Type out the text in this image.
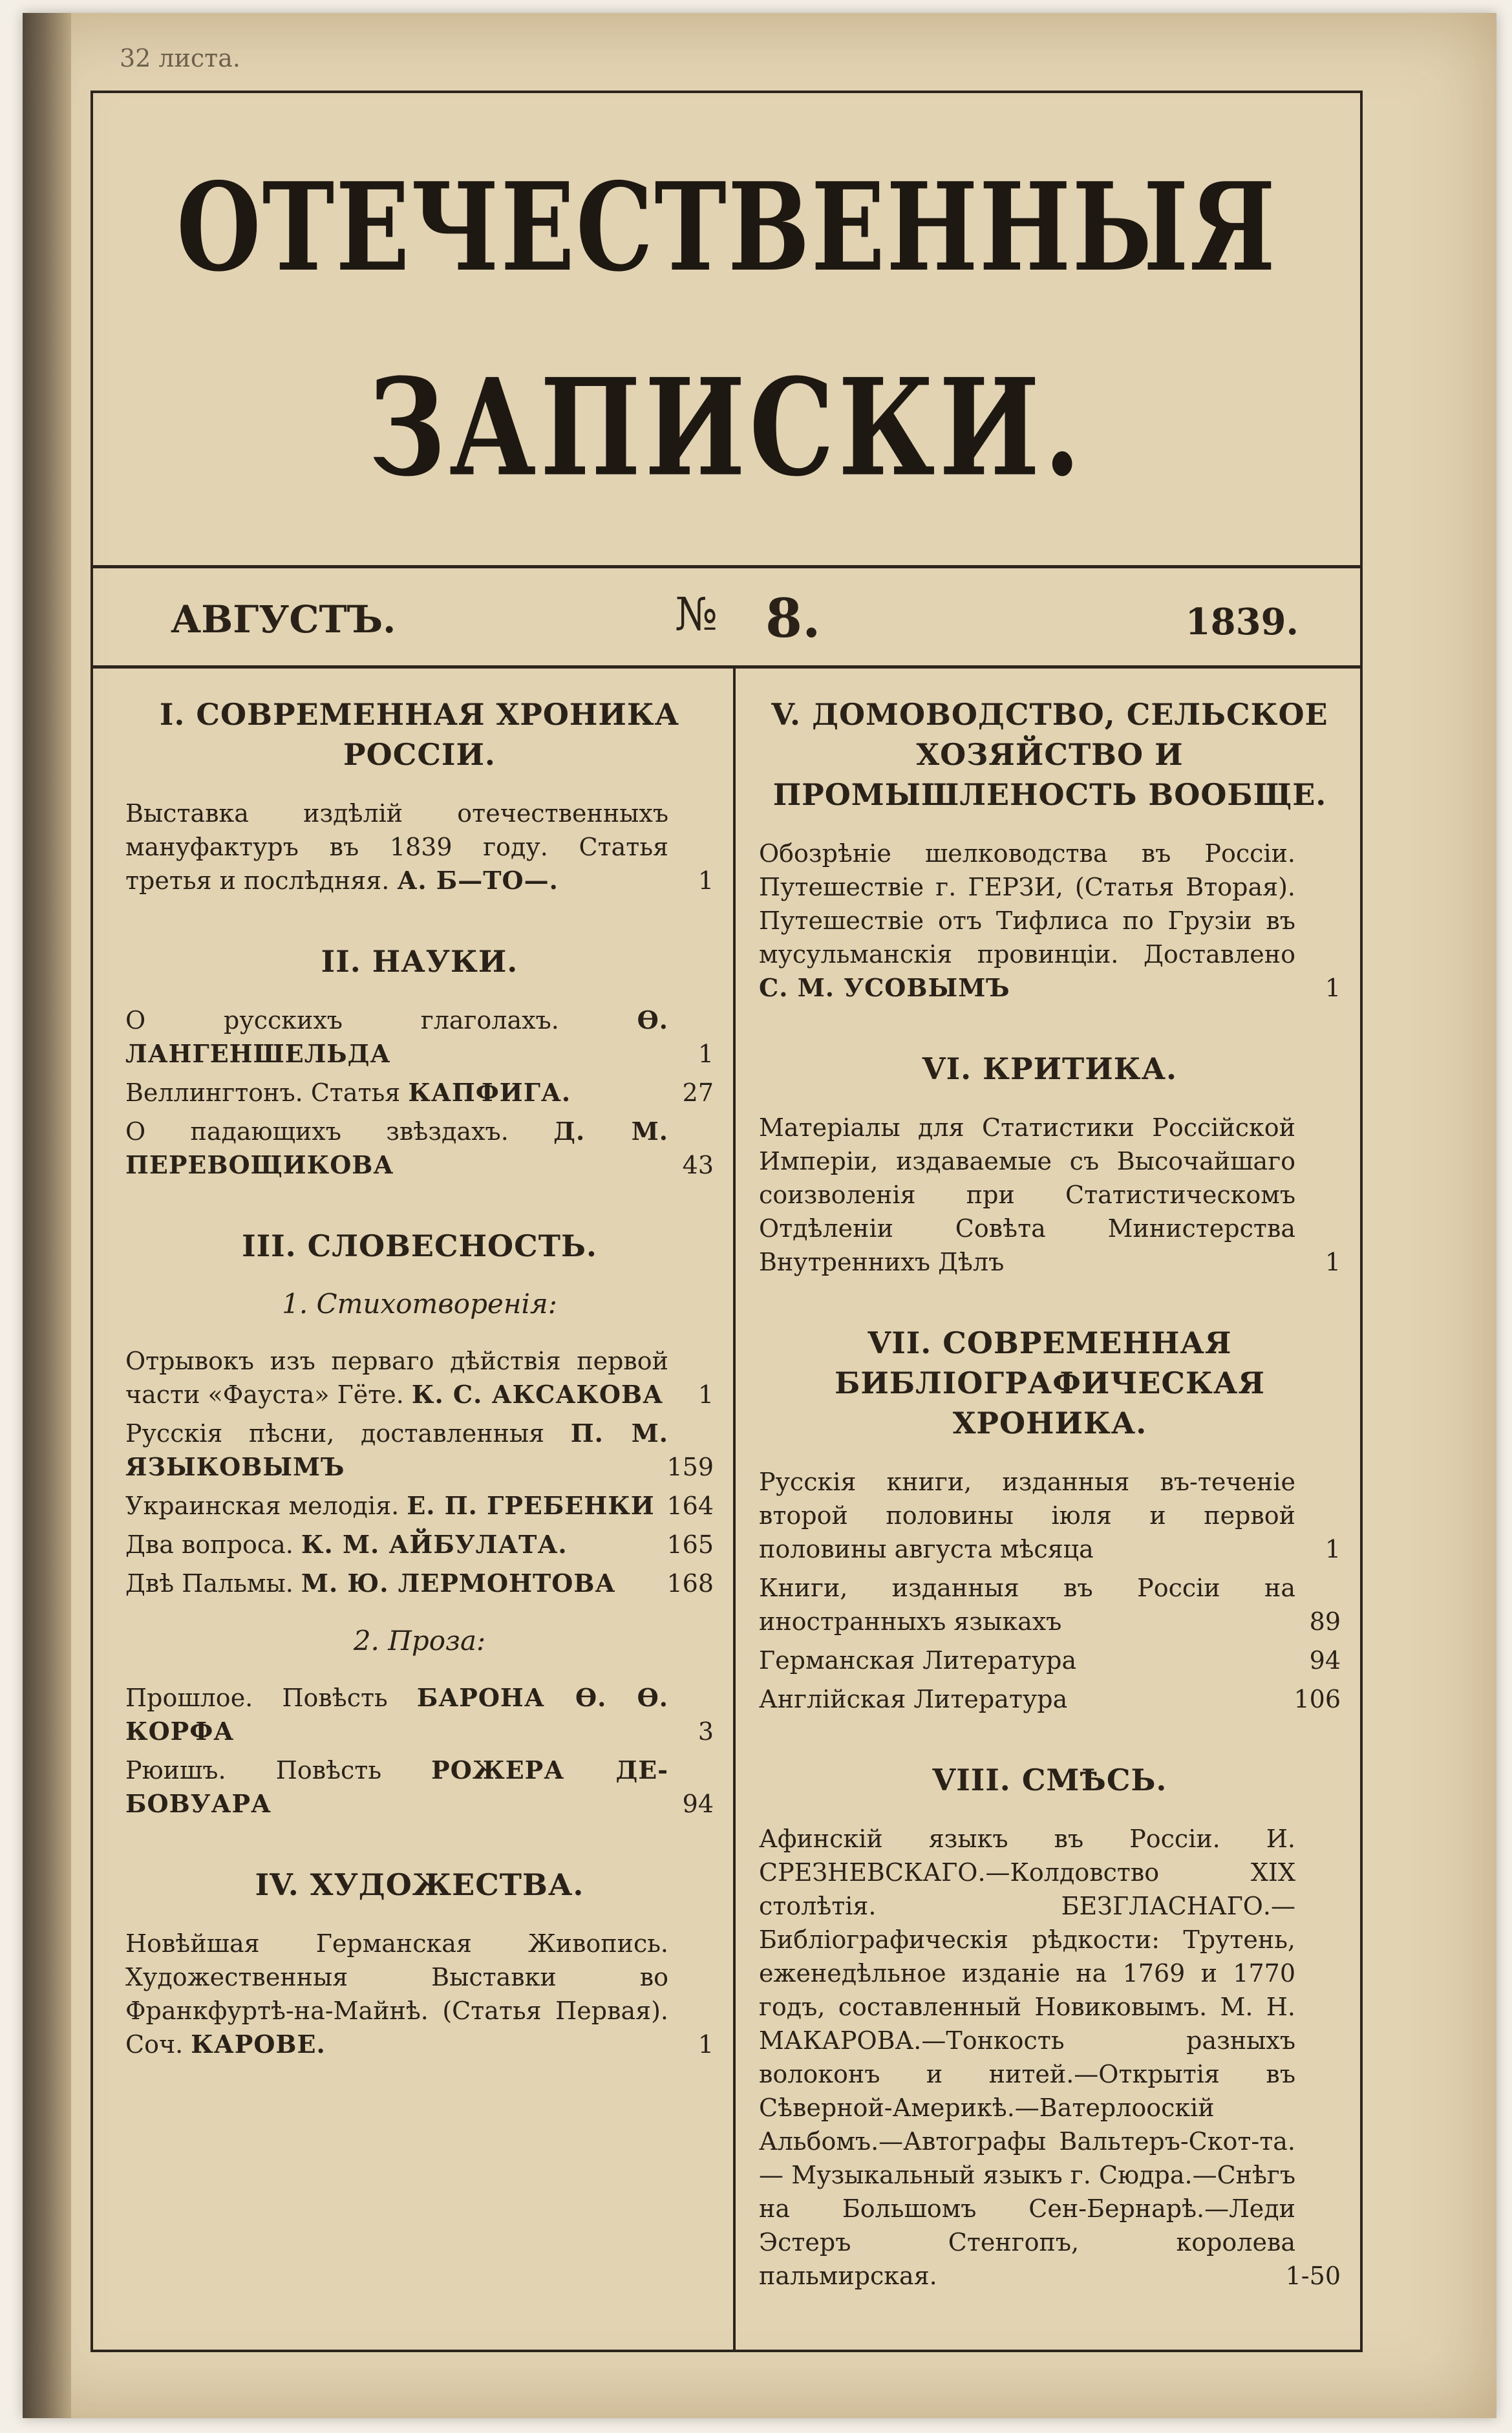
32 листа.
ОТЕЧЕСТВЕННЫЯ
ЗАПИСКИ.
АВГУСТЪ.	№ 8.	1839.
I. СОВРЕМЕННАЯ ХРОНИКА РОССІИ.
Выставка издѣлій отечественныхъ мануфактуръ въ 1839 году. Статья третья и послѣдняя. А. Б—ТО—.	1
II. НАУКИ.
О русскихъ глаголахъ. Ѳ. ЛАНГЕНШЕЛЬДА	1
Веллингтонъ. Статья КАПФИГА.	27
О падающихъ звѣздахъ. Д. М. ПЕРЕВОЩИКОВА	43
III. СЛОВЕСНОСТЬ.
1. Стихотворенія:
Отрывокъ изъ перваго дѣйствія первой части «Фауста» Гёте. К. С. АКСАКОВА 1
Русскія пѣсни, доставленныя П. М. ЯЗЫКОВЫМЪ	159
Украинская мелодія. Е. П. ГРЕБЕНКИ 164
Два вопроса. К. М. АЙБУЛАТА.	165
Двѣ Пальмы. М. Ю. ЛЕРМОНТОВА 168
2. Проза:
Прошлое. Повѣсть БАРОНА Ѳ. Ѳ. КОРФА	3
Рюишъ. Повѣсть РОЖЕРА ДЕ-БОВУАРА	94
IV. ХУДОЖЕСТВА.
Новѣйшая Германская Живопись. Художественныя Выставки во Франкфуртѣ-на-Майнѣ. (Статья Первая). Соч. КАРОВЕ.	1
V. ДОМОВОДСТВО, СЕЛЬСКОЕ ХОЗЯЙСТВО И ПРОМЫШЛЕНОСТЬ ВООБЩЕ.
Обозрѣніе шелководства въ Россіи. Путешествіе г. ГЕРЗИ, (Статья Вторая). Путешествіе отъ Тифлиса по Грузіи въ мусульманскія провинціи. Доставлено С. М. УСОВЫМЪ	1
VI. КРИТИКА.
Матеріалы для Статистики Россійской Имперіи, издаваемые съ Высочайшаго соизволенія при Статистическомъ Отдѣленіи Совѣта Министерства Внутреннихъ Дѣлъ	1
VII. СОВРЕМЕННАЯ БИБЛІОГРАФИЧЕСКАЯ ХРОНИКА.
Русскія книги, изданныя въ-теченіе второй половины іюля и первой половины августа мѣсяца	1
Книги, изданныя въ Россіи на иностранныхъ языкахъ	89
Германская Литература	94
Англійская Литература	106
VIII. СМѢСЬ.
Афинскій языкъ въ Россіи. И. СРЕЗНЕВСКАГО.—Колдовство XIX столѣтія. БЕЗГЛАСНАГО.—Библіографическія рѣдкости: Трутень, еженедѣльное изданіе на 1769 и 1770 годъ, составленный Новиковымъ. М. Н. МАКАРОВА.—Тонкость разныхъ волоконъ и нитей.—Открытія въ Сѣверной-Америкѣ.—Ватерлооскій Альбомъ.—Автографы Вальтеръ-Скот-та. — Музыкальный языкъ г. Сюдра.—Снѣгъ на Большомъ Сен-Бернарѣ.—Леди Эстеръ Стенгопъ, королева пальмирская.	1-50
